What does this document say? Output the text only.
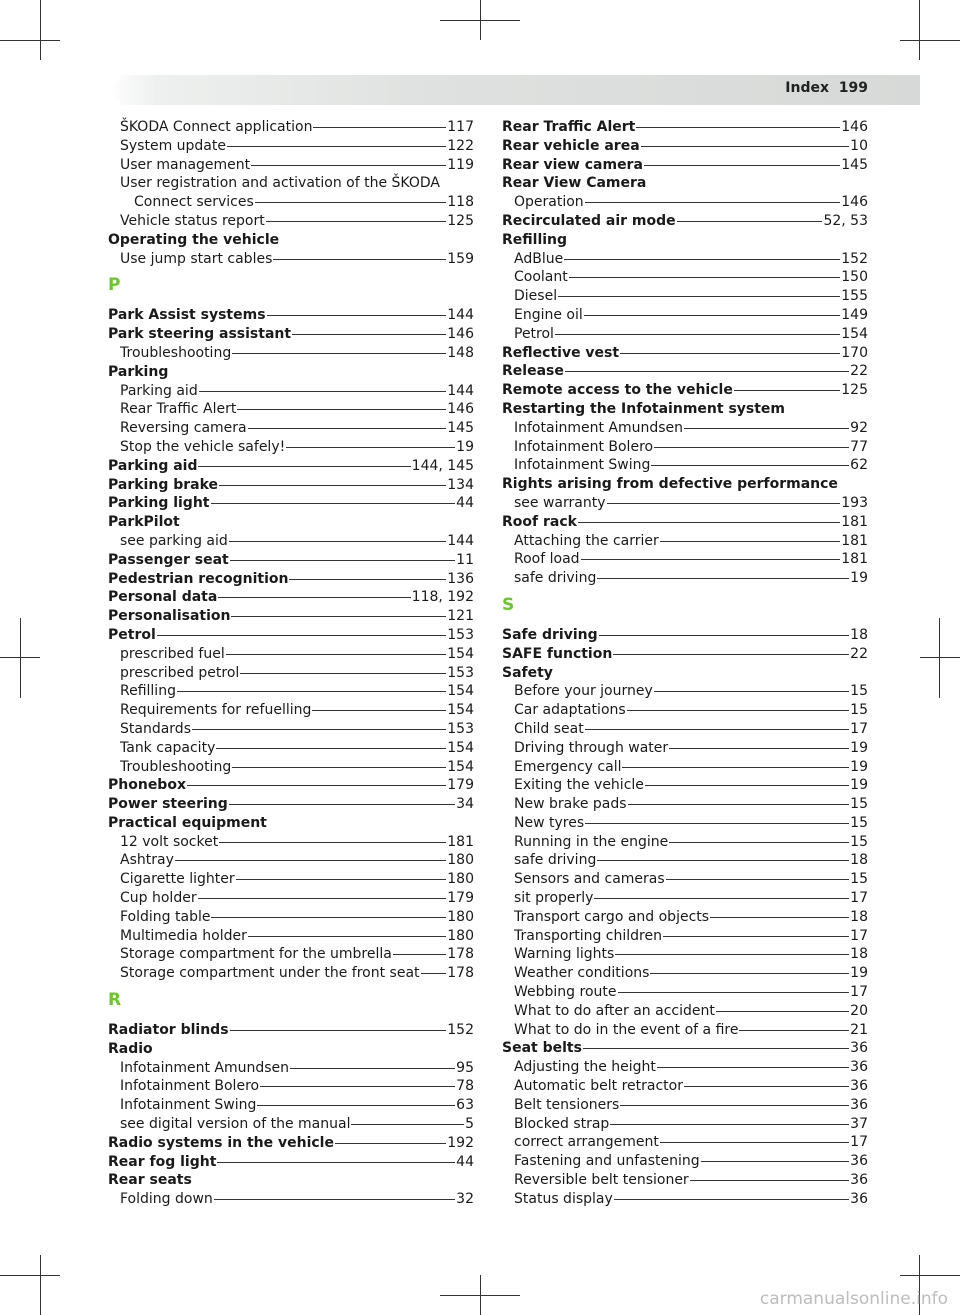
Index 199
ŠKODA Connect application	117
System update	122
User management	119
User registration and activation of the ŠKODA
Connect services	118
Vehicle status report	125
Operating the vehicle
Use jump start cables	159
P
Park Assist systems	144
Park steering assistant	146
Troubleshooting	148
Parking
Parking aid	144
Rear Traffic Alert	146
Reversing camera	145
Stop the vehicle safely!	19
Parking aid	144, 145
Parking brake	134
Parking light	44
ParkPilot
see parking aid	144
Passenger seat	11
Pedestrian recognition	136
Personal data	118, 192
Personalisation	121
Petrol	153
prescribed fuel	154
prescribed petrol	153
Refilling	154
Requirements for refuelling	154
Standards	153
Tank capacity	154
Troubleshooting	154
Phonebox	179
Power steering	34
Practical equipment
12 volt socket	181
Ashtray	180
Cigarette lighter	180
Cup holder	179
Folding table	180
Multimedia holder	180
Storage compartment for the umbrella	178
Storage compartment under the front seat 178
R
Radiator blinds	152
Radio
Infotainment Amundsen	95
Infotainment Bolero	78
Infotainment Swing	63
see digital version of the manual	5
Radio systems in the vehicle	192
Rear fog light	44
Rear seats
Folding down	32
Rear Traffic Alert	146
Rear vehicle area	10
Rear view camera	145
Rear View Camera
Operation	146
Recirculated air mode	52, 53
Refilling
AdBlue	152
Coolant	150
Diesel	155
Engine oil	149
Petrol	154
Reflective vest	170
Release	22
Remote access to the vehicle	125
Restarting the Infotainment system
Infotainment Amundsen	92
Infotainment Bolero	77
Infotainment Swing	62
Rights arising from defective performance
see warranty	193
Roof rack	181
Attaching the carrier	181
Roof load	181
safe driving	19
S
Safe driving	18
SAFE function	22
Safety
Before your journey	15
Car adaptations	15
Child seat	17
Driving through water	19
Emergency call	19
Exiting the vehicle	19
New brake pads	15
New tyres	15
Running in the engine	15
safe driving	18
Sensors and cameras	15
sit properly	17
Transport cargo and objects	18
Transporting children	17
Warning lights	18
Weather conditions	19
Webbing route	17
What to do after an accident	20
What to do in the event of a fire	21
Seat belts	36
Adjusting the height	36
Automatic belt retractor	36
Belt tensioners	36
Blocked strap	37
correct arrangement	17
Fastening and unfastening	36
Reversible belt tensioner	36
Status display	36
carmanualsonline.info
